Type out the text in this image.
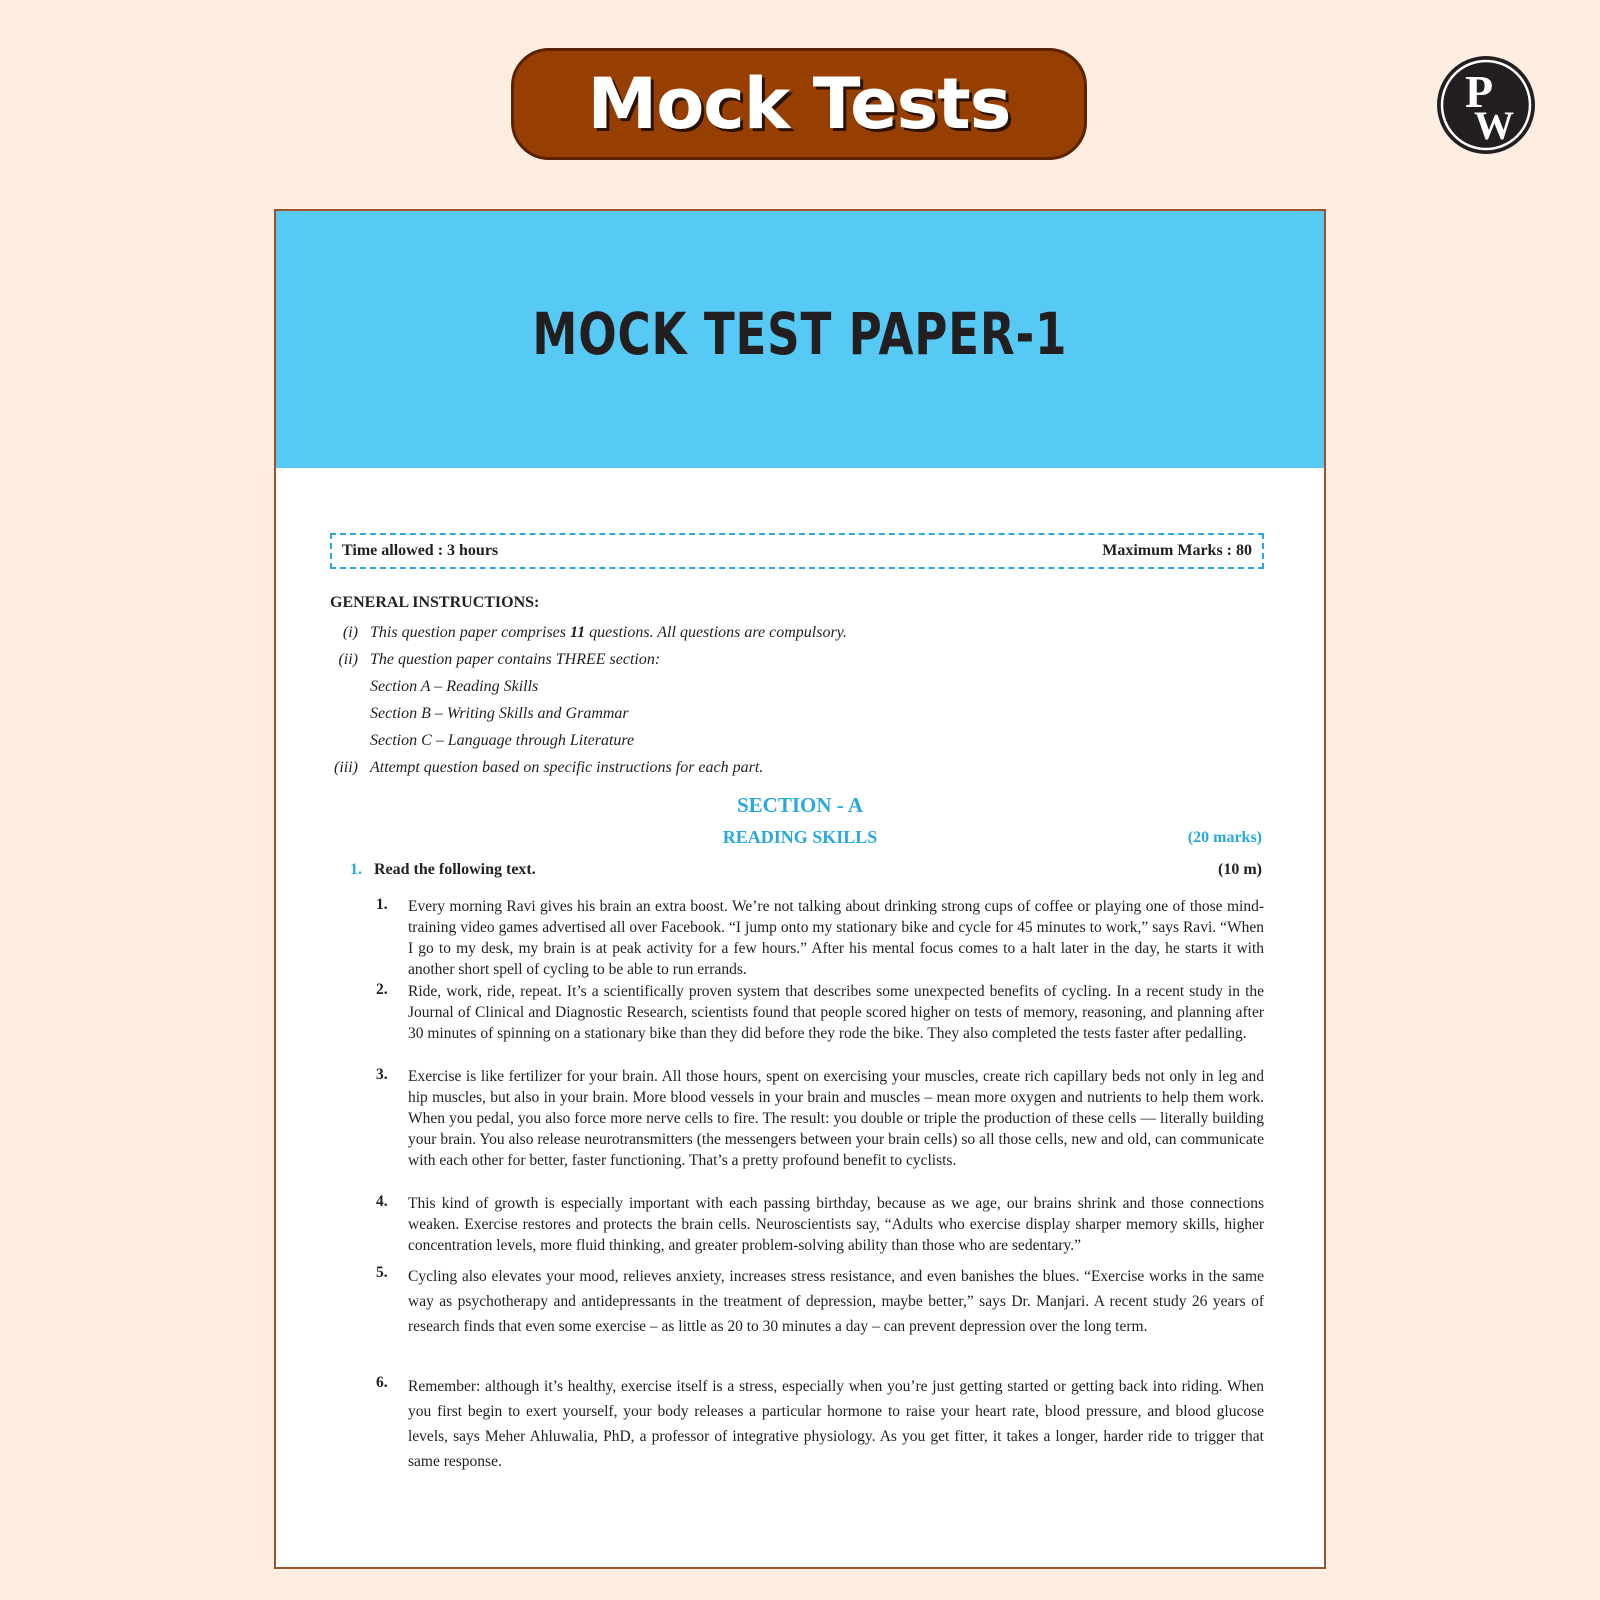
Mock Tests	P
W
MOCK TEST PAPER-1
Time allowed : 3 hours	Maximum Marks : 80
GENERAL INSTRUCTIONS:
(i) This question paper comprises 11 questions. All questions are compulsory.
(ii) The question paper contains THREE section:
Section A – Reading Skills
Section B – Writing Skills and Grammar
Section C – Language through Literature
(iii) Attempt question based on specific instructions for each part.
SECTION - A
READING SKILLS	(20 marks)
1. Read the following text.	(10 m)
1. Every morning Ravi gives his brain an extra boost. We’re not talking about drinking strong cups of coffee or playing one of those mind-training video games advertised all over Facebook. “I jump onto my stationary bike and cycle for 45 minutes to work,” says Ravi. “When I go to my desk, my brain is at peak activity for a few hours.” After his mental focus comes to a halt later in the day, he starts it with another short spell of cycling to be able to run errands.
2. Ride, work, ride, repeat. It’s a scientifically proven system that describes some unexpected benefits of cycling. In a recent study in the Journal of Clinical and Diagnostic Research, scientists found that people scored higher on tests of memory, reasoning, and planning after 30 minutes of spinning on a stationary bike than they did before they rode the bike. They also completed the tests faster after pedalling.
3. Exercise is like fertilizer for your brain. All those hours, spent on exercising your muscles, create rich capillary beds not only in leg and hip muscles, but also in your brain. More blood vessels in your brain and muscles – mean more oxygen and nutrients to help them work. When you pedal, you also force more nerve cells to fire. The result: you double or triple the production of these cells — literally building your brain. You also release neurotransmitters (the messengers between your brain cells) so all those cells, new and old, can communicate with each other for better, faster functioning. That’s a pretty profound benefit to cyclists.
4. This kind of growth is especially important with each passing birthday, because as we age, our brains shrink and those connections weaken. Exercise restores and protects the brain cells. Neuroscientists say, “Adults who exercise display sharper memory skills, higher concentration levels, more fluid thinking, and greater problem-solving ability than those who are sedentary.”
5. Cycling also elevates your mood, relieves anxiety, increases stress resistance, and even banishes the blues. “Exercise works in the same way as psychotherapy and antidepressants in the treatment of depression, maybe better,” says Dr. Manjari. A recent study 26 years of research finds that even some exercise – as little as 20 to 30 minutes a day – can prevent depression over the long term.
6. Remember: although it’s healthy, exercise itself is a stress, especially when you’re just getting started or getting back into riding. When you first begin to exert yourself, your body releases a particular hormone to raise your heart rate, blood pressure, and blood glucose levels, says Meher Ahluwalia, PhD, a professor of integrative physiology. As you get fitter, it takes a longer, harder ride to trigger that same response.
